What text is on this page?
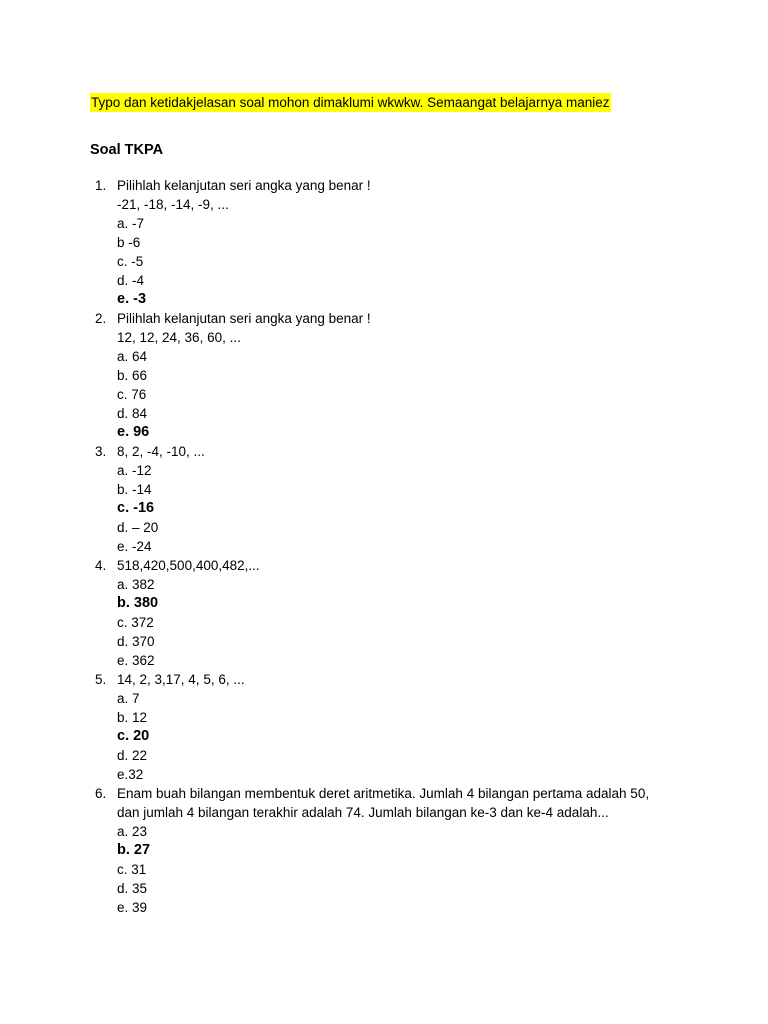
Typo dan ketidakjelasan soal mohon dimaklumi wkwkw. Semaangat belajarnya maniez
Soal TKPA
1. Pilihlah kelanjutan seri angka yang benar !
-21, -18, -14, -9, ...
a. -7
b -6
c. -5
d. -4
e. -3
2. Pilihlah kelanjutan seri angka yang benar !
12, 12, 24, 36, 60, ...
a. 64
b. 66
c. 76
d. 84
e. 96
3. 8, 2, -4, -10, ...
a. -12
b. -14
c. -16
d. – 20
e. -24
4. 518,420,500,400,482,...
a. 382
b. 380
c. 372
d. 370
e. 362
5. 14, 2, 3,17, 4, 5, 6, ...
a. 7
b. 12
c. 20
d. 22
e.32
6. Enam buah bilangan membentuk deret aritmetika. Jumlah 4 bilangan pertama adalah 50,
dan jumlah 4 bilangan terakhir adalah 74. Jumlah bilangan ke-3 dan ke-4 adalah...
a. 23
b. 27
c. 31
d. 35
e. 39
